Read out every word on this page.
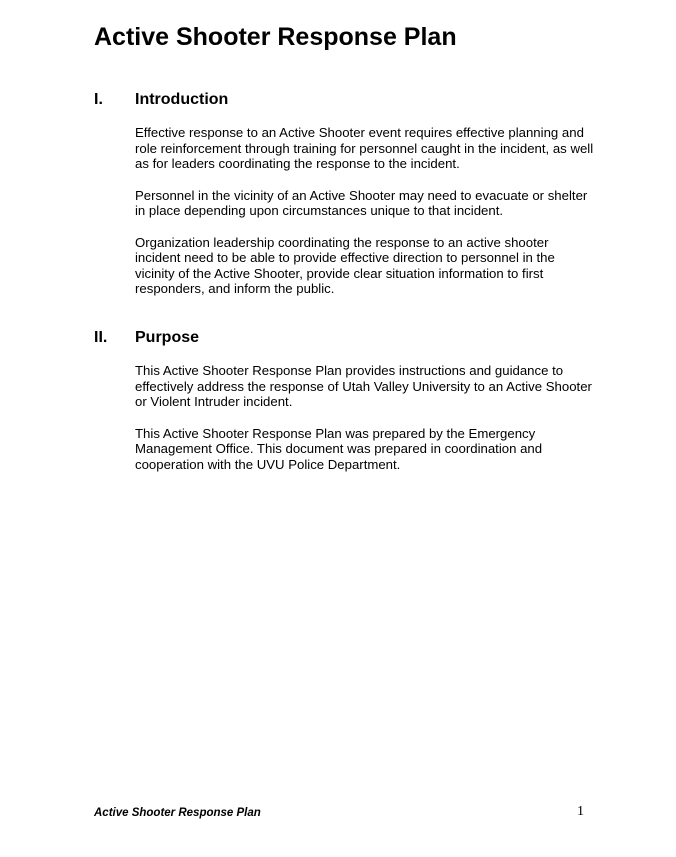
Active Shooter Response Plan
I. Introduction

Effective response to an Active Shooter event requires effective planning and role reinforcement through training for personnel caught in the incident, as well as for leaders coordinating the response to the incident.

Personnel in the vicinity of an Active Shooter may need to evacuate or shelter in place depending upon circumstances unique to that incident.

Organization leadership coordinating the response to an active shooter incident need to be able to provide effective direction to personnel in the vicinity of the Active Shooter, provide clear situation information to first responders, and inform the public.

II. Purpose

This Active Shooter Response Plan provides instructions and guidance to effectively address the response of Utah Valley University to an Active Shooter or Violent Intruder incident.

This Active Shooter Response Plan was prepared by the Emergency Management Office. This document was prepared in coordination and cooperation with the UVU Police Department.

Active Shooter Response Plan	1
